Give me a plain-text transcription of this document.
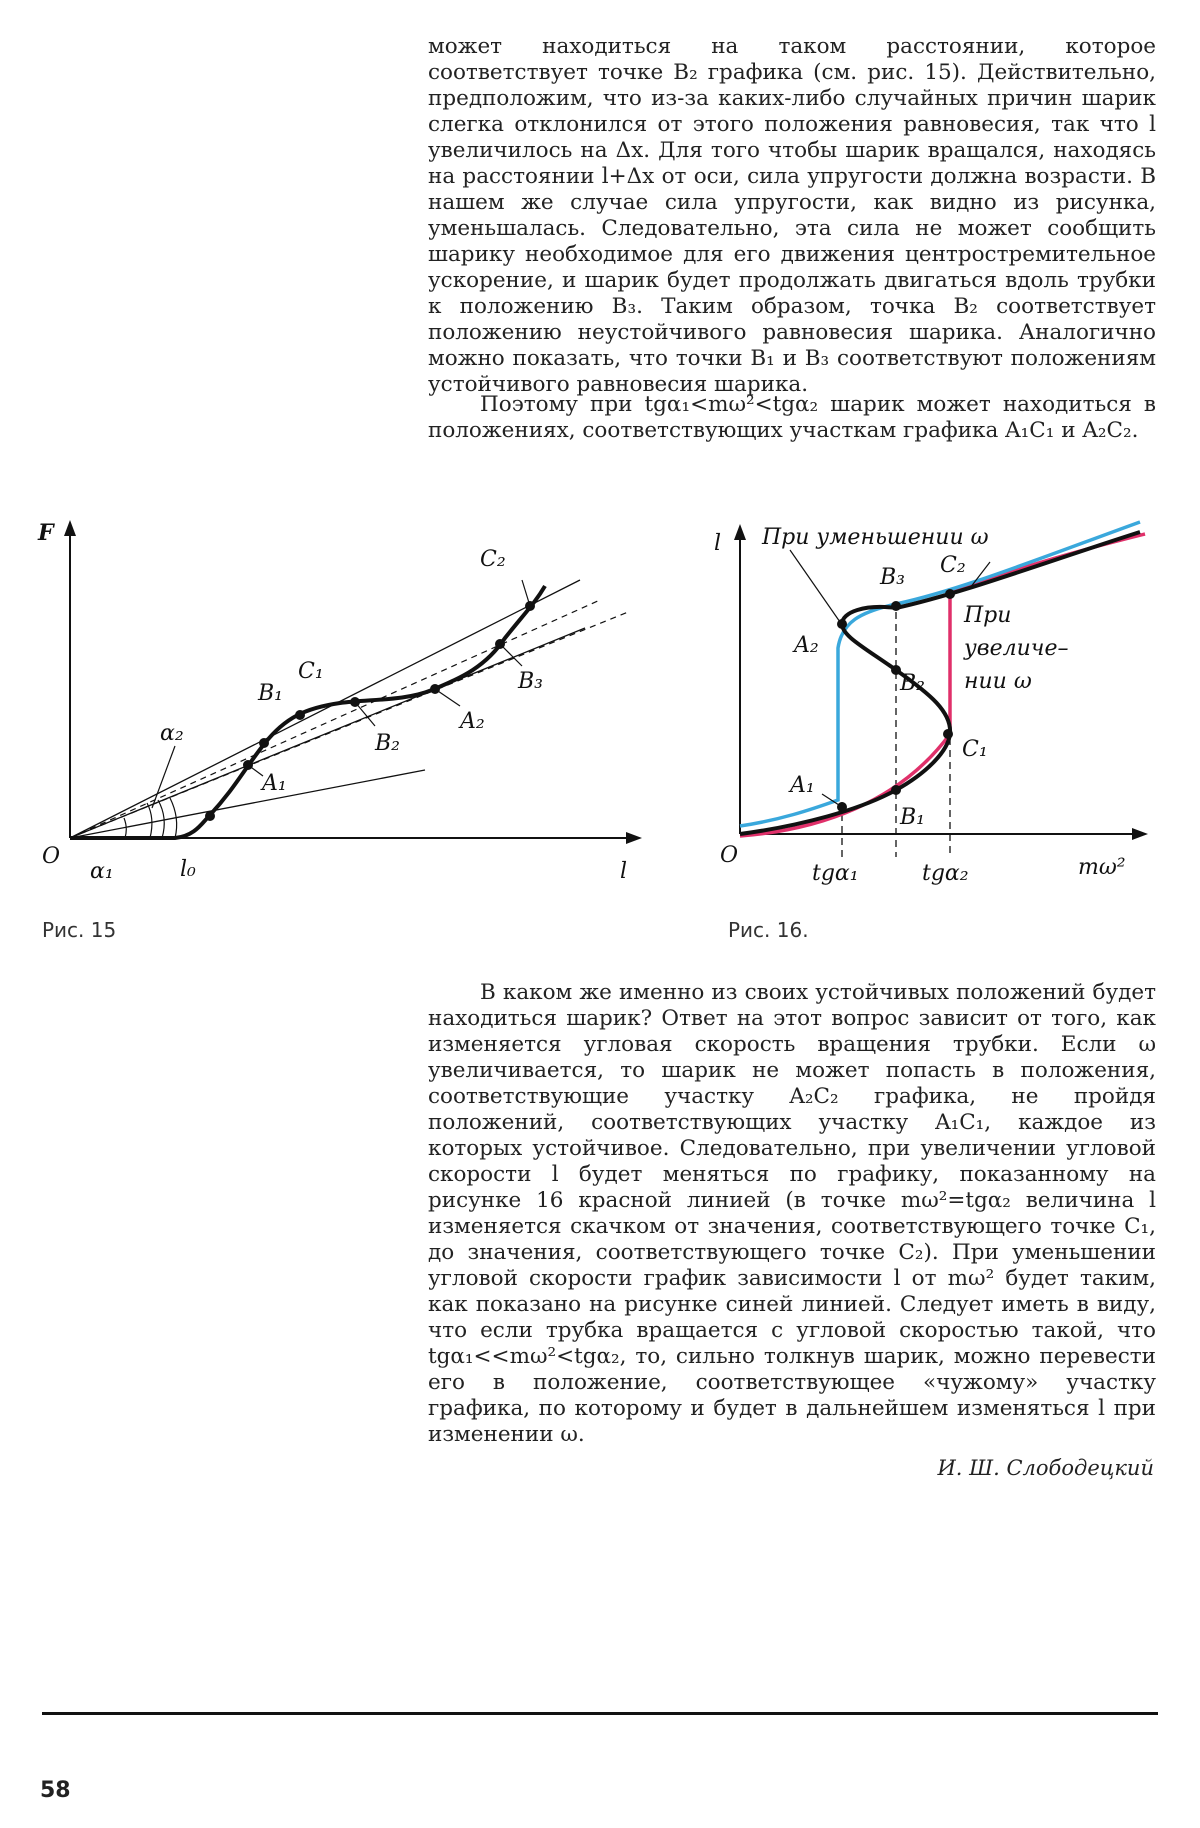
может находиться на таком расстоянии, которое соответствует точке B₂ графика (см. рис. 15). Действительно, предположим, что из-за каких-либо случайных причин шарик слегка отклонился от этого положения равновесия, так что l увеличилось на Δx. Для того чтобы шарик вращался, находясь на расстоянии l+Δx от оси, сила упругости должна возрасти. В нашем же случае сила упругости, как видно из рисунка, уменьшалась. Следовательно, эта сила не может сообщить шарику необходимое для его движения центростремительное ускорение, и шарик будет продолжать двигаться вдоль трубки к положению B₃. Таким образом, точка B₂ соответствует положению неустойчивого равновесия шарика. Аналогично можно показать, что точки B₁ и B₃ соответствуют положениям устойчивого равновесия шарика.

Поэтому при tgα₁<mω²<tgα₂ шарик может находиться в положениях, соответствующих участкам графика A₁C₁ и A₂C₂.

F
O
l
l₀
α₁
α₂
A₁
B₁
C₁
B₂
A₂
B₃
C₂
Рис. 15
l
O
При уменьшении ω
При
увеличе–
нии ω
tgα₁	tgα₂	mω²
A₁
A₂
B₁
B₂
B₃
C₁
C₂
Рис. 16.

В каком же именно из своих устойчивых положений будет находиться шарик? Ответ на этот вопрос зависит от того, как изменяется угловая скорость вращения трубки. Если ω увеличивается, то шарик не может попасть в положения, соответствующие участку A₂C₂ графика, не пройдя положений, соответствующих участку A₁C₁, каждое из которых устойчивое. Следовательно, при увеличении угловой скорости l будет меняться по графику, показанному на рисунке 16 красной линией (в точке mω²=tgα₂ величина l изменяется скачком от значения, соответствующего точке C₁, до значения, соответствующего точке C₂). При уменьшении угловой скорости график зависимости l от mω² будет таким, как показано на рисунке синей линией. Следует иметь в виду, что если трубка вращается с угловой скоростью такой, что tgα₁<<mω²<tgα₂, то, сильно толкнув шарик, можно перевести его в положение, соответствующее «чужому» участку графика, по которому и будет в дальнейшем изменяться l при изменении ω.

И. Ш. Слободецкий
58
